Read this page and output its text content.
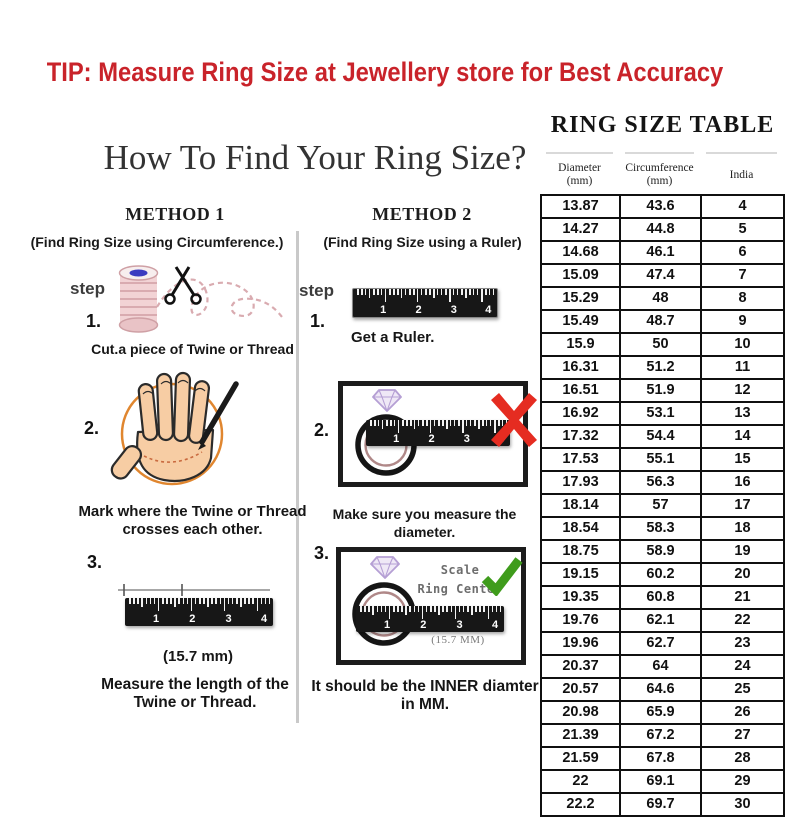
TIP: Measure Ring Size at Jewellery store for Best Accuracy
How To Find Your Ring Size?
METHOD 1	METHOD 2
(Find Ring Size using Circumference.)	(Find Ring Size using a Ruler)
step
1.
Cut.a piece of Twine or Thread
2.
Mark where the Twine or Thread
crosses each other.
3.
1	2	3	4
(15.7 mm)
Measure the length of the
Twine or Thread.
step
1.
1	2	3	4
Get a Ruler.
2.	1	2	3
Make sure you measure the diameter.
3.
Scale
Ring Center
1	2	3	4
(15.7 MM)
It should be the INNER diamter
in MM.
RING SIZE TABLE
Diameter
(mm)
Circumference
(mm)
India
13.87	43.6	4
14.27	44.8	5
14.68	46.1	6
15.09	47.4	7
15.29	48	8
15.49	48.7	9
15.9	50	10
16.31	51.2	11
16.51	51.9	12
16.92	53.1	13
17.32	54.4	14
17.53	55.1	15
17.93	56.3	16
18.14	57	17
18.54	58.3	18
18.75	58.9	19
19.15	60.2	20
19.35	60.8	21
19.76	62.1	22
19.96	62.7	23
20.37	64	24
20.57	64.6	25
20.98	65.9	26
21.39	67.2	27
21.59	67.8	28
22	69.1	29
22.2	69.7	30
